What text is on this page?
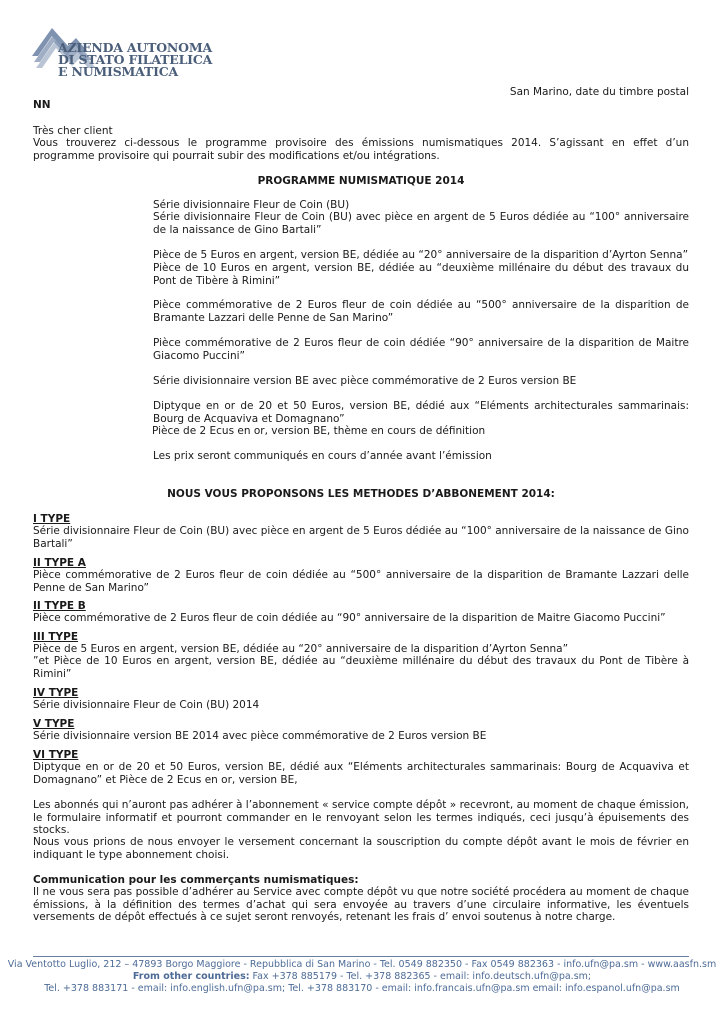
AZIENDA AUTONOMA
DI STATO FILATELICA
E NUMISMATICA
San Marino, date du timbre postal
NN
Très cher client
Vous trouverez ci-dessous le programme provisoire des émissions numismatiques 2014. S’agissant en effet d’un programme provisoire qui pourrait subir des modifications et/ou intégrations.
PROGRAMME NUMISMATIQUE 2014
Série divisionnaire Fleur de Coin (BU)
Série divisionnaire Fleur de Coin (BU) avec pièce en argent de 5 Euros dédiée au “100° anniversaire de la naissance de Gino Bartali”
Pièce de 5 Euros en argent, version BE, dédiée au “20° anniversaire de la disparition d’Ayrton Senna”
Pièce de 10 Euros en argent, version BE, dédiée au “deuxième millénaire du début des travaux du Pont de Tibère à Rimini”
Pièce commémorative de 2 Euros fleur de coin dédiée au “500° anniversaire de la disparition de Bramante Lazzari delle Penne de San Marino”
Pièce commémorative de 2 Euros fleur de coin dédiée “90° anniversaire de la disparition de Maitre Giacomo Puccini”
Série divisionnaire version BE avec pièce commémorative de 2 Euros version BE
Diptyque en or de 20 et 50 Euros, version BE, dédié aux “Eléments architecturales sammarinais: Bourg de Acquaviva et Domagnano”
Pièce de 2 Ecus en or, version BE, thème en cours de définition
Les prix seront communiqués en cours d’année avant l’émission
NOUS VOUS PROPONSONS LES METHODES D’ABBONEMENT 2014:
I TYPE
Série divisionnaire Fleur de Coin (BU) avec pièce en argent de 5 Euros dédiée au “100° anniversaire de la naissance de Gino Bartali”
II TYPE A
Pièce commémorative de 2 Euros fleur de coin dédiée au “500° anniversaire de la disparition de Bramante Lazzari delle Penne de San Marino”
II TYPE B
Pièce commémorative de 2 Euros fleur de coin dédiée au “90° anniversaire de la disparition de Maitre Giacomo Puccini”
III TYPE
Pièce de 5 Euros en argent, version BE, dédiée au “20° anniversaire de la disparition d’Ayrton Senna”
”et Pièce de 10 Euros en argent, version BE, dédiée au “deuxième millénaire du début des travaux du Pont de Tibère à Rimini”
IV TYPE
Série divisionnaire Fleur de Coin (BU) 2014
V TYPE
Série divisionnaire version BE 2014 avec pièce commémorative de 2 Euros version BE
VI TYPE
Diptyque en or de 20 et 50 Euros, version BE, dédié aux “Eléments architecturales sammarinais: Bourg de Acquaviva et Domagnano” et Pièce de 2 Ecus en or, version BE,
Les abonnés qui n’auront pas adhérer à l’abonnement « service compte dépôt » recevront, au moment de chaque émission, le formulaire informatif et pourront commander en le renvoyant selon les termes indiqués, ceci jusqu’à épuisements des stocks.
Nous vous prions de nous envoyer le versement concernant la souscription du compte dépôt avant le mois de février en indiquant le type abonnement choisi.
Communication pour les commerçants numismatiques:
Il ne vous sera pas possible d’adhérer au Service avec compte dépôt vu que notre société procédera au moment de chaque émissions, à la définition des termes d’achat qui sera envoyée au travers d’une circulaire informative, les éventuels versements de dépôt effectués à ce sujet seront renvoyés, retenant les frais d’ envoi soutenus à notre charge.
Via Ventotto Luglio, 212 – 47893 Borgo Maggiore - Repubblica di San Marino - Tel. 0549 882350 - Fax 0549 882363 - info.ufn@pa.sm - www.aasfn.sm
From other countries: Fax +378 885179 - Tel. +378 882365 - email: info.deutsch.ufn@pa.sm;
Tel. +378 883171 - email: info.english.ufn@pa.sm; Tel. +378 883170 - email: info.francais.ufn@pa.sm email: info.espanol.ufn@pa.sm
